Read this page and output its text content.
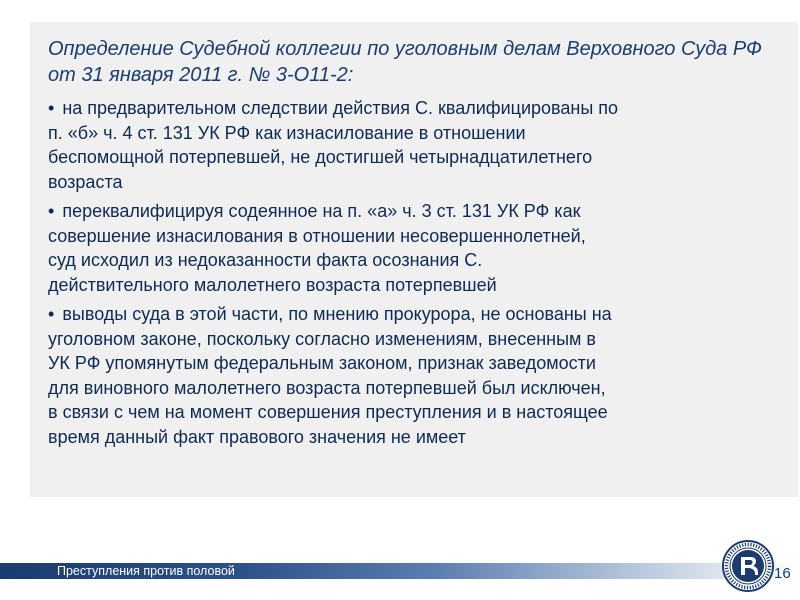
Определение Судебной коллегии по уголовным делам Верховного Суда РФ от 31 января 2011 г. № 3-О11-2:
• на предварительном следствии действия С. квалифицированы по
п. «б» ч. 4 ст. 131 УК РФ как изнасилование в отношении
беспомощной потерпевшей, не достигшей четырнадцатилетнего
возраста
• переквалифицируя содеянное на п. «а» ч. 3 ст. 131 УК РФ как
совершение изнасилования в отношении несовершеннолетней,
суд исходил из недоказанности факта осознания С.
действительного малолетнего возраста потерпевшей
• выводы суда в этой части, по мнению прокурора, не основаны на
уголовном законе, поскольку согласно изменениям, внесенным в
УК РФ упомянутым федеральным законом, признак заведомости
для виновного малолетнего возраста потерпевшей был исключен,
в связи с чем на момент совершения преступления и в настоящее
время данный факт правового значения не имеет
Преступления против половой	16
